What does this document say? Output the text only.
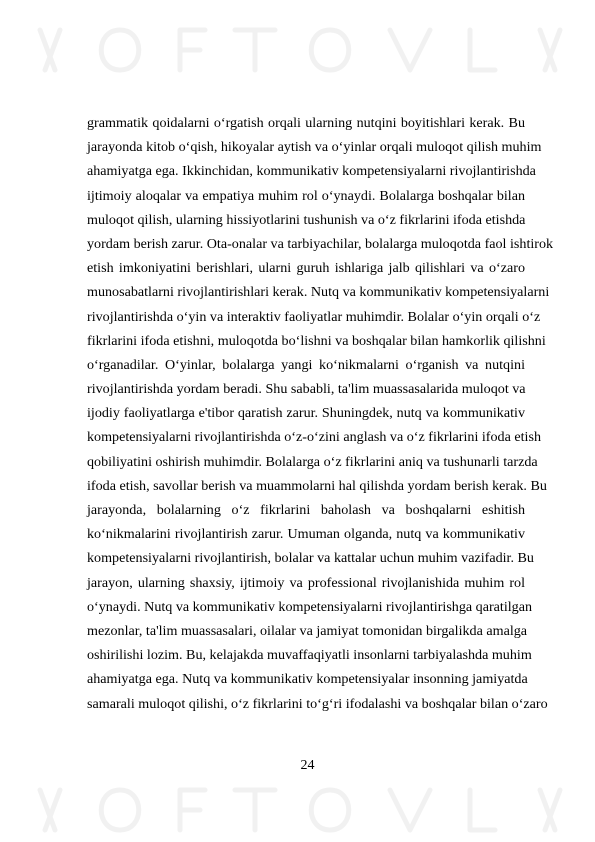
grammatik qoidalarni o‘rgatish orqali ularning nutqini boyitishlari kerak. Bu
jarayonda kitob o‘qish, hikoyalar aytish va o‘yinlar orqali muloqot qilish muhim
ahamiyatga ega. Ikkinchidan, kommunikativ kompetensiyalarni rivojlantirishda
ijtimoiy aloqalar va empatiya muhim rol o‘ynaydi. Bolalarga boshqalar bilan
muloqot qilish, ularning hissiyotlarini tushunish va o‘z fikrlarini ifoda etishda
yordam berish zarur. Ota-onalar va tarbiyachilar, bolalarga muloqotda faol ishtirok
etish imkoniyatini berishlari, ularni guruh ishlariga jalb qilishlari va o‘zaro
munosabatlarni rivojlantirishlari kerak. Nutq va kommunikativ kompetensiyalarni
rivojlantirishda o‘yin va interaktiv faoliyatlar muhimdir. Bolalar o‘yin orqali o‘z
fikrlarini ifoda etishni, muloqotda bo‘lishni va boshqalar bilan hamkorlik qilishni
o‘rganadilar. O‘yinlar, bolalarga yangi ko‘nikmalarni o‘rganish va nutqini
rivojlantirishda yordam beradi. Shu sababli, ta'lim muassasalarida muloqot va
ijodiy faoliyatlarga e'tibor qaratish zarur. Shuningdek, nutq va kommunikativ
kompetensiyalarni rivojlantirishda o‘z-o‘zini anglash va o‘z fikrlarini ifoda etish
qobiliyatini oshirish muhimdir. Bolalarga o‘z fikrlarini aniq va tushunarli tarzda
ifoda etish, savollar berish va muammolarni hal qilishda yordam berish kerak. Bu
jarayonda, bolalarning o‘z fikrlarini baholash va boshqalarni eshitish
ko‘nikmalarini rivojlantirish zarur. Umuman olganda, nutq va kommunikativ
kompetensiyalarni rivojlantirish, bolalar va kattalar uchun muhim vazifadir. Bu
jarayon, ularning shaxsiy, ijtimoiy va professional rivojlanishida muhim rol
o‘ynaydi. Nutq va kommunikativ kompetensiyalarni rivojlantirishga qaratilgan
mezonlar, ta'lim muassasalari, oilalar va jamiyat tomonidan birgalikda amalga
oshirilishi lozim. Bu, kelajakda muvaffaqiyatli insonlarni tarbiyalashda muhim
ahamiyatga ega. Nutq va kommunikativ kompetensiyalar insonning jamiyatda
samarali muloqot qilishi, o‘z fikrlarini to‘g‘ri ifodalashi va boshqalar bilan o‘zaro
24
